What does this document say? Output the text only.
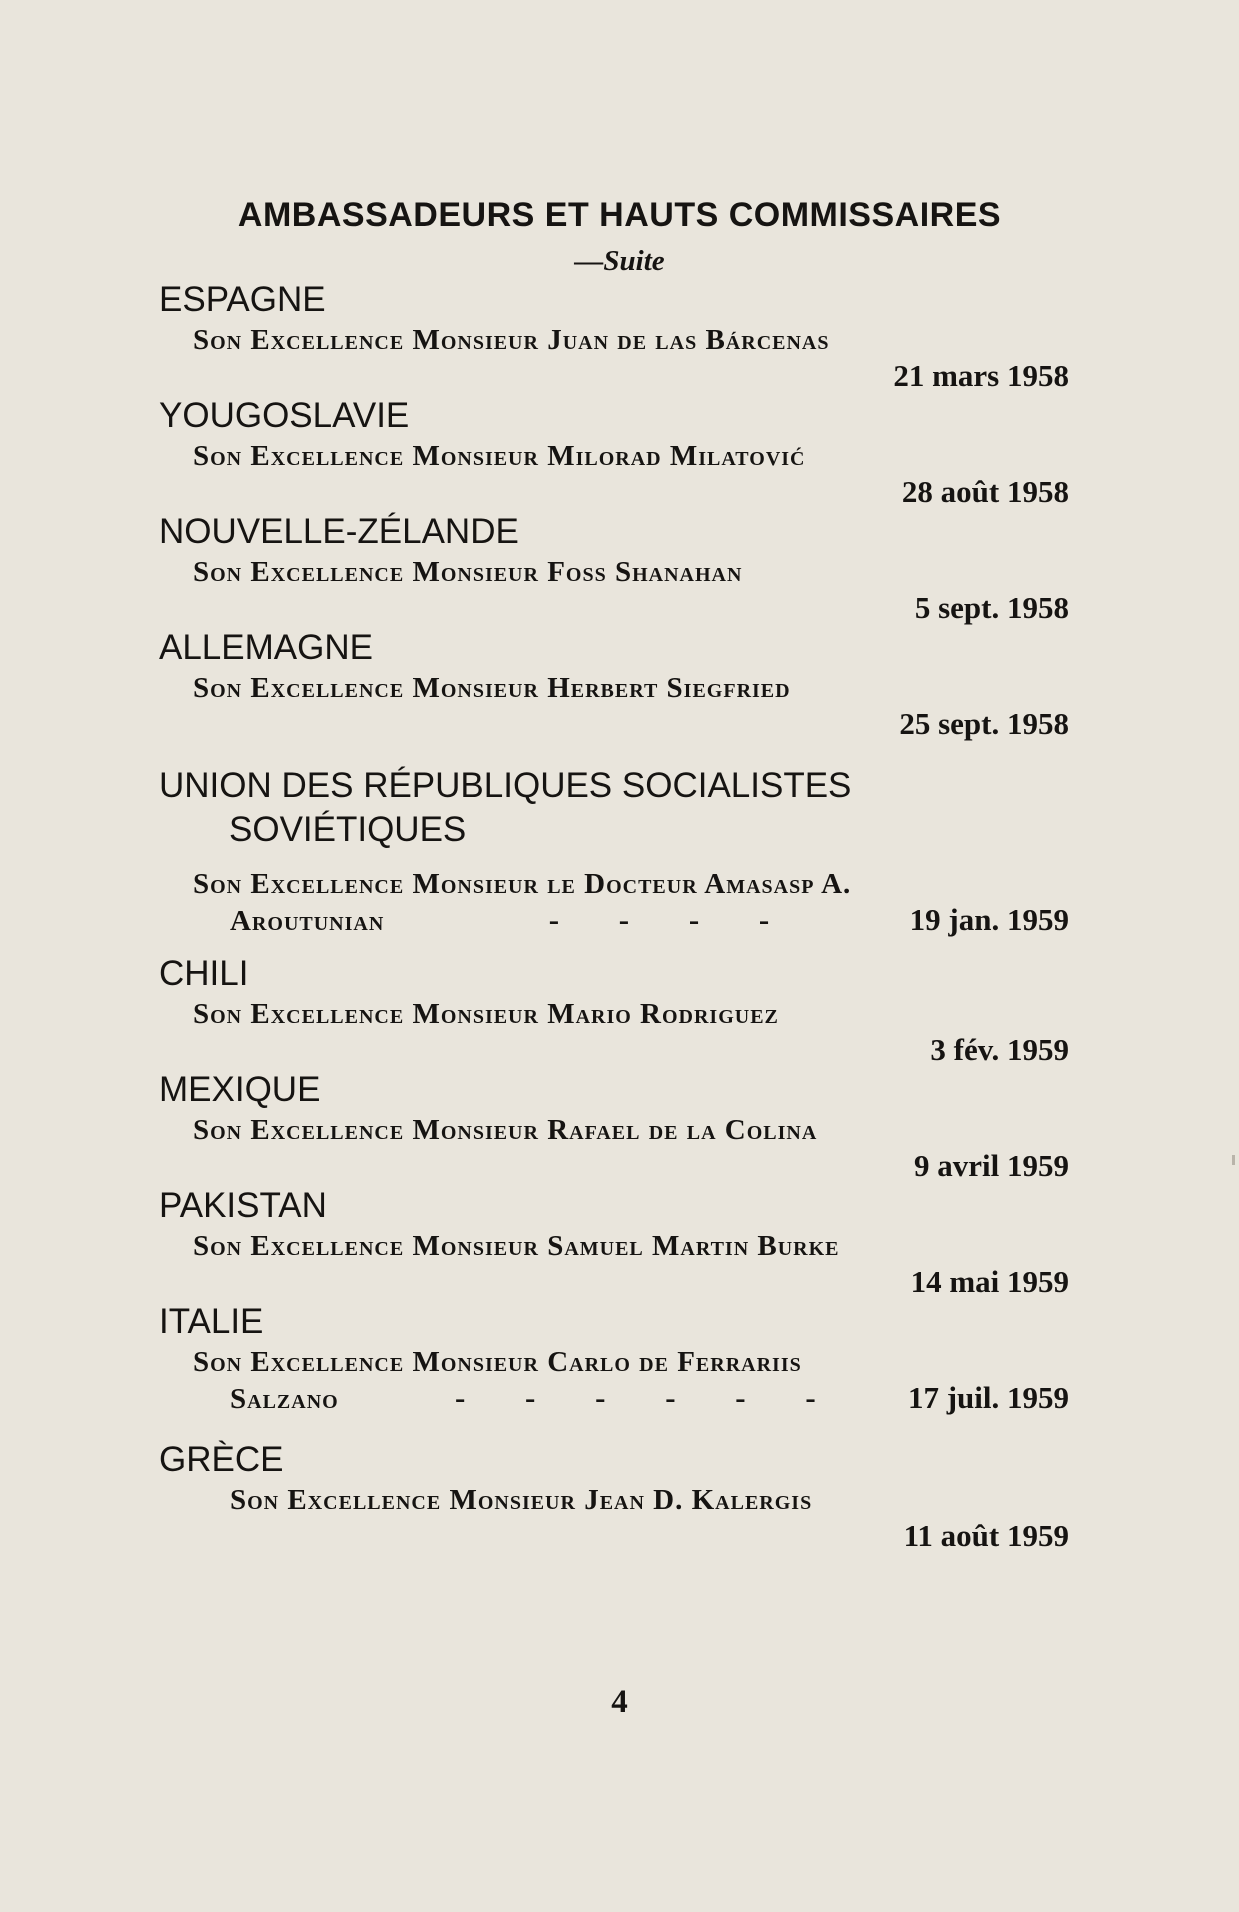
AMBASSADEURS ET HAUTS COMMISSAIRES
—Suite
ESPAGNE
Son Excellence Monsieur Juan de las Bárcenas
21 mars 1958
YOUGOSLAVIE
Son Excellence Monsieur Milorad Milatović
28 août 1958
NOUVELLE-ZÉLANDE
Son Excellence Monsieur Foss Shanahan
5 sept. 1958
ALLEMAGNE
Son Excellence Monsieur Herbert Siegfried
25 sept. 1958
UNION DES RÉPUBLIQUES SOCIALISTES
SOVIÉTIQUES
Son Excellence Monsieur le Docteur Amasasp A.
Aroutunian	- - - -	19 jan. 1959
CHILI
Son Excellence Monsieur Mario Rodriguez
3 fév. 1959
MEXIQUE
Son Excellence Monsieur Rafael de la Colina
9 avril 1959
PAKISTAN
Son Excellence Monsieur Samuel Martin Burke
14 mai 1959
ITALIE
Son Excellence Monsieur Carlo de Ferrariis
Salzano	- - - - - -	17 juil. 1959
GRÈCE
Son Excellence Monsieur Jean D. Kalergis
11 août 1959
4
